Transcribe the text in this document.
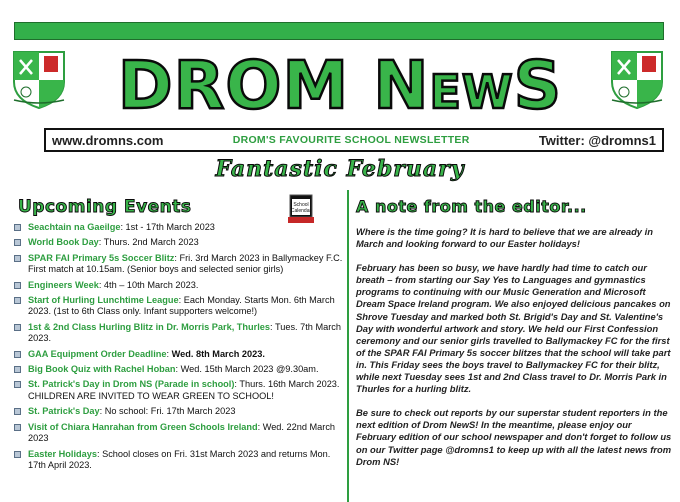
DROM NEWS
www.dromns.com	DROM'S FAVOURITE SCHOOL NEWSLETTER	Twitter: @dromns1
Fantastic February
Upcoming Events
Seachtain na Gaeilge: 1st - 17th March 2023
World Book Day: Thurs. 2nd March 2023
SPAR FAI Primary 5s Soccer Blitz: Fri. 3rd March 2023 in Ballymackey F.C. First match at 10.15am. (Senior boys and selected senior girls)
Engineers Week: 4th – 10th March 2023.
Start of Hurling Lunchtime League: Each Monday. Starts Mon. 6th March 2023. (1st to 6th Class only. Infant supporters welcome!)
1st & 2nd Class Hurling Blitz in Dr. Morris Park, Thurles: Tues. 7th March 2023.
GAA Equipment Order Deadline: Wed. 8th March 2023.
Big Book Quiz with Rachel Hoban: Wed. 15th March 2023 @9.30am.
St. Patrick's Day in Drom NS (Parade in school): Thurs. 16th March 2023. CHILDREN ARE INVITED TO WEAR GREEN TO SCHOOL!
St. Patrick's Day: No school: Fri. 17th March 2023
Visit of Chiara Hanrahan from Green Schools Ireland: Wed. 22nd March 2023
Easter Holidays: School closes on Fri. 31st March 2023 and returns Mon. 17th April 2023.
School
Calendar	A note from the editor...

Where is the time going? It is hard to believe that we are already in March and looking forward to our Easter holidays!

February has been so busy, we have hardly had time to catch our breath – from starting our Say Yes to Languages and gymnastics programs to continuing with our Music Generation and Microsoft Dream Space Ireland program. We also enjoyed delicious pancakes on Shrove Tuesday and marked both St. Brigid's Day and St. Valentine's Day with wonderful artwork and story. We held our First Confession ceremony and our senior girls travelled to Ballymackey FC for the first of the SPAR FAI Primary 5s soccer blitzes that the school will take part in. This Friday sees the boys travel to Ballymackey FC for their blitz, while next Tuesday sees 1st and 2nd Class travel to Dr. Morris Park in Thurles for a hurling blitz.

Be sure to check out reports by our superstar student reporters in the next edition of Drom NewS! In the meantime, please enjoy our February edition of our school newspaper and don't forget to follow us on our Twitter page @dromns1 to keep up with all the latest news from Drom NS!
